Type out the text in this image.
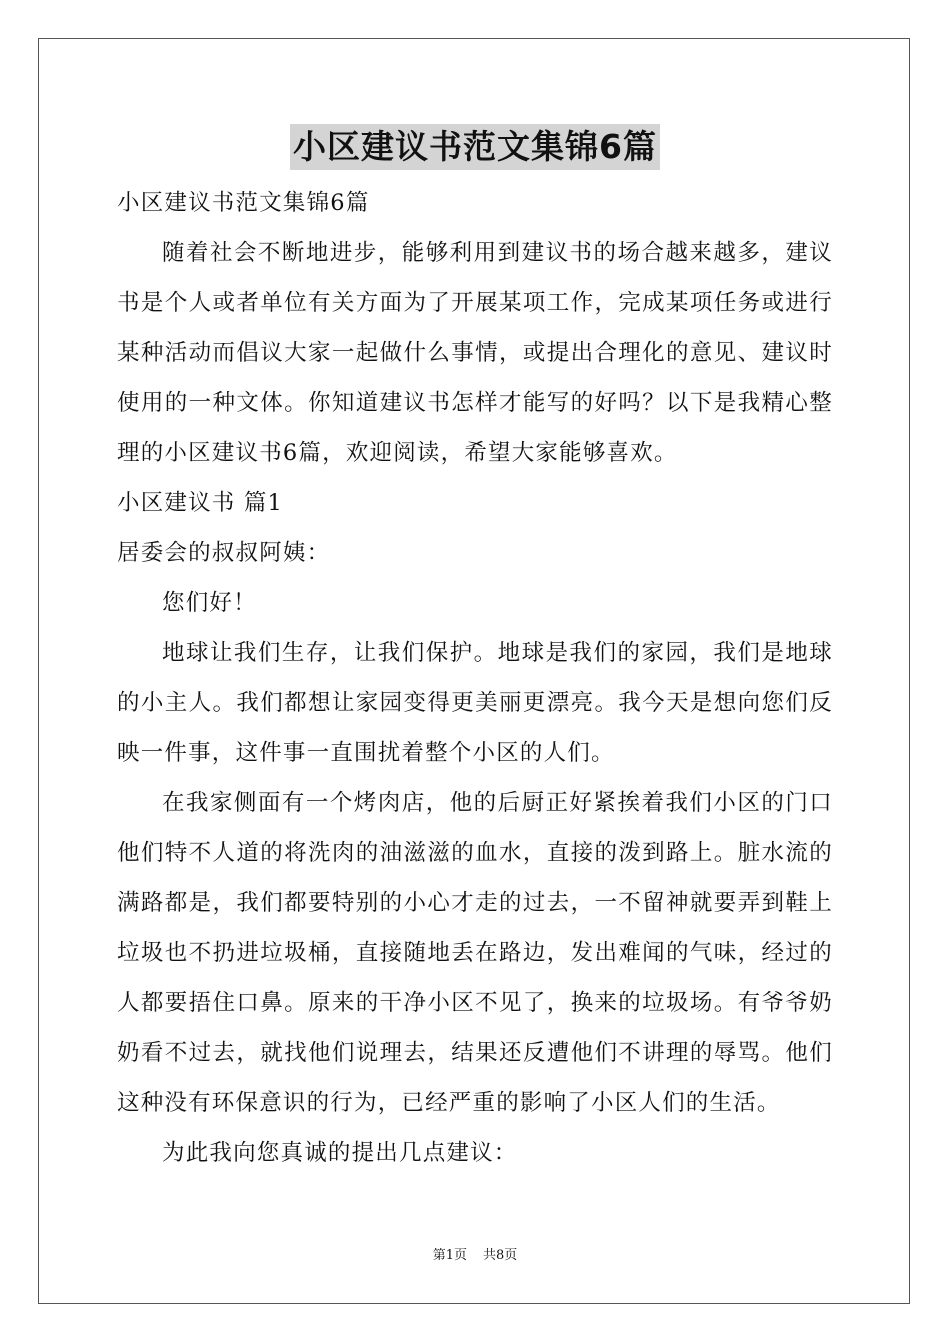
小区建议书范文集锦6篇

小区建议书范文集锦6篇

随着社会不断地进步，能够利用到建议书的场合越来越多，建议书是个人或者单位有关方面为了开展某项工作，完成某项任务或进行某种活动而倡议大家一起做什么事情，或提出合理化的意见、建议时使用的一种文体。你知道建议书怎样才能写的好吗？以下是我精心整理的小区建议书6篇，欢迎阅读，希望大家能够喜欢。

小区建议书 篇1

居委会的叔叔阿姨：

您们好！

地球让我们生存，让我们保护。地球是我们的家园，我们是地球的小主人。我们都想让家园变得更美丽更漂亮。我今天是想向您们反映一件事，这件事一直围扰着整个小区的人们。

在我家侧面有一个烤肉店，他的后厨正好紧挨着我们小区的门口他们特不人道的将洗肉的油滋滋的血水，直接的泼到路上。脏水流的满路都是，我们都要特别的小心才走的过去，一不留神就要弄到鞋上垃圾也不扔进垃圾桶，直接随地丢在路边，发出难闻的气味，经过的人都要捂住口鼻。原来的干净小区不见了，换来的垃圾场。有爷爷奶奶看不过去，就找他们说理去，结果还反遭他们不讲理的辱骂。他们这种没有环保意识的行为，已经严重的影响了小区人们的生活。

为此我向您真诚的提出几点建议：

第1页 共8页
